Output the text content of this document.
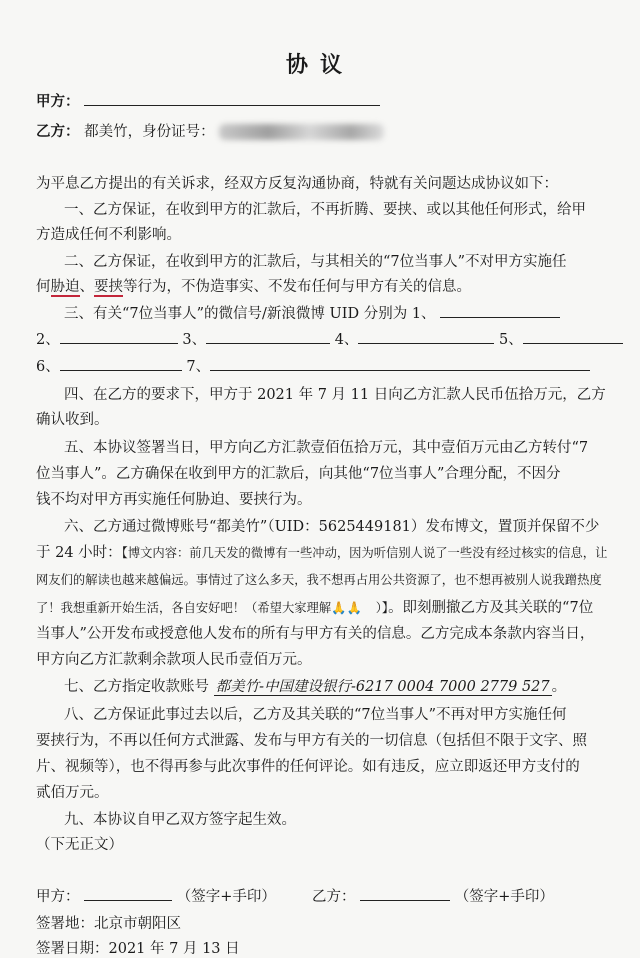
协议
甲方：
乙方： 都美竹，身份证号：
为平息乙方提出的有关诉求，经双方反复沟通协商，特就有关问题达成协议如下：
一、乙方保证，在收到甲方的汇款后，不再折腾、要挟、或以其他任何形式，给甲
方造成任何不利影响。
二、乙方保证，在收到甲方的汇款后，与其相关的“7位当事人”不对甲方实施任
何胁迫、要挟等行为，不伪造事实、不发布任何与甲方有关的信息。
三、有关“7位当事人”的微信号/新浪微博 UID 分别为 1、
2、	3、	4、	5、
6、	7、
四、在乙方的要求下，甲方于 2021 年 7 月 11 日向乙方汇款人民币伍拾万元，乙方
确认收到。
五、本协议签署当日，甲方向乙方汇款壹佰伍拾万元，其中壹佰万元由乙方转付“7
位当事人”。乙方确保在收到甲方的汇款后，向其他“7位当事人”合理分配，不因分
钱不均对甲方再实施任何胁迫、要挟行为。
六、乙方通过微博账号“都美竹”（UID：5625449181）发布博文，置顶并保留不少
于 24 小时：【博文内容：前几天发的微博有一些冲动，因为听信别人说了一些没有经过核实的信息，让
网友们的解读也越来越偏远。事情过了这么多天，我不想再占用公共资源了，也不想再被别人说我蹭热度
了！我想重新开始生活，各自安好吧！（希望大家理解🙏🙏 ）】。即刻删撤乙方及其关联的“7位
当事人”公开发布或授意他人发布的所有与甲方有关的信息。乙方完成本条款内容当日，
甲方向乙方汇款剩余款项人民币壹佰万元。
七、乙方指定收款账号 都美竹-中国建设银行-6217 0004 7000 2779 527 。
八、乙方保证此事过去以后，乙方及其关联的“7位当事人”不再对甲方实施任何
要挟行为，不再以任何方式泄露、发布与甲方有关的一切信息（包括但不限于文字、照
片、视频等），也不得再参与此次事件的任何评论。如有违反，应立即返还甲方支付的
贰佰万元。
九、本协议自甲乙双方签字起生效。
（下无正文）
甲方：	（签字+手印） 乙方：	（签字+手印）
签署地：北京市朝阳区
签署日期：2021 年 7 月 13 日
